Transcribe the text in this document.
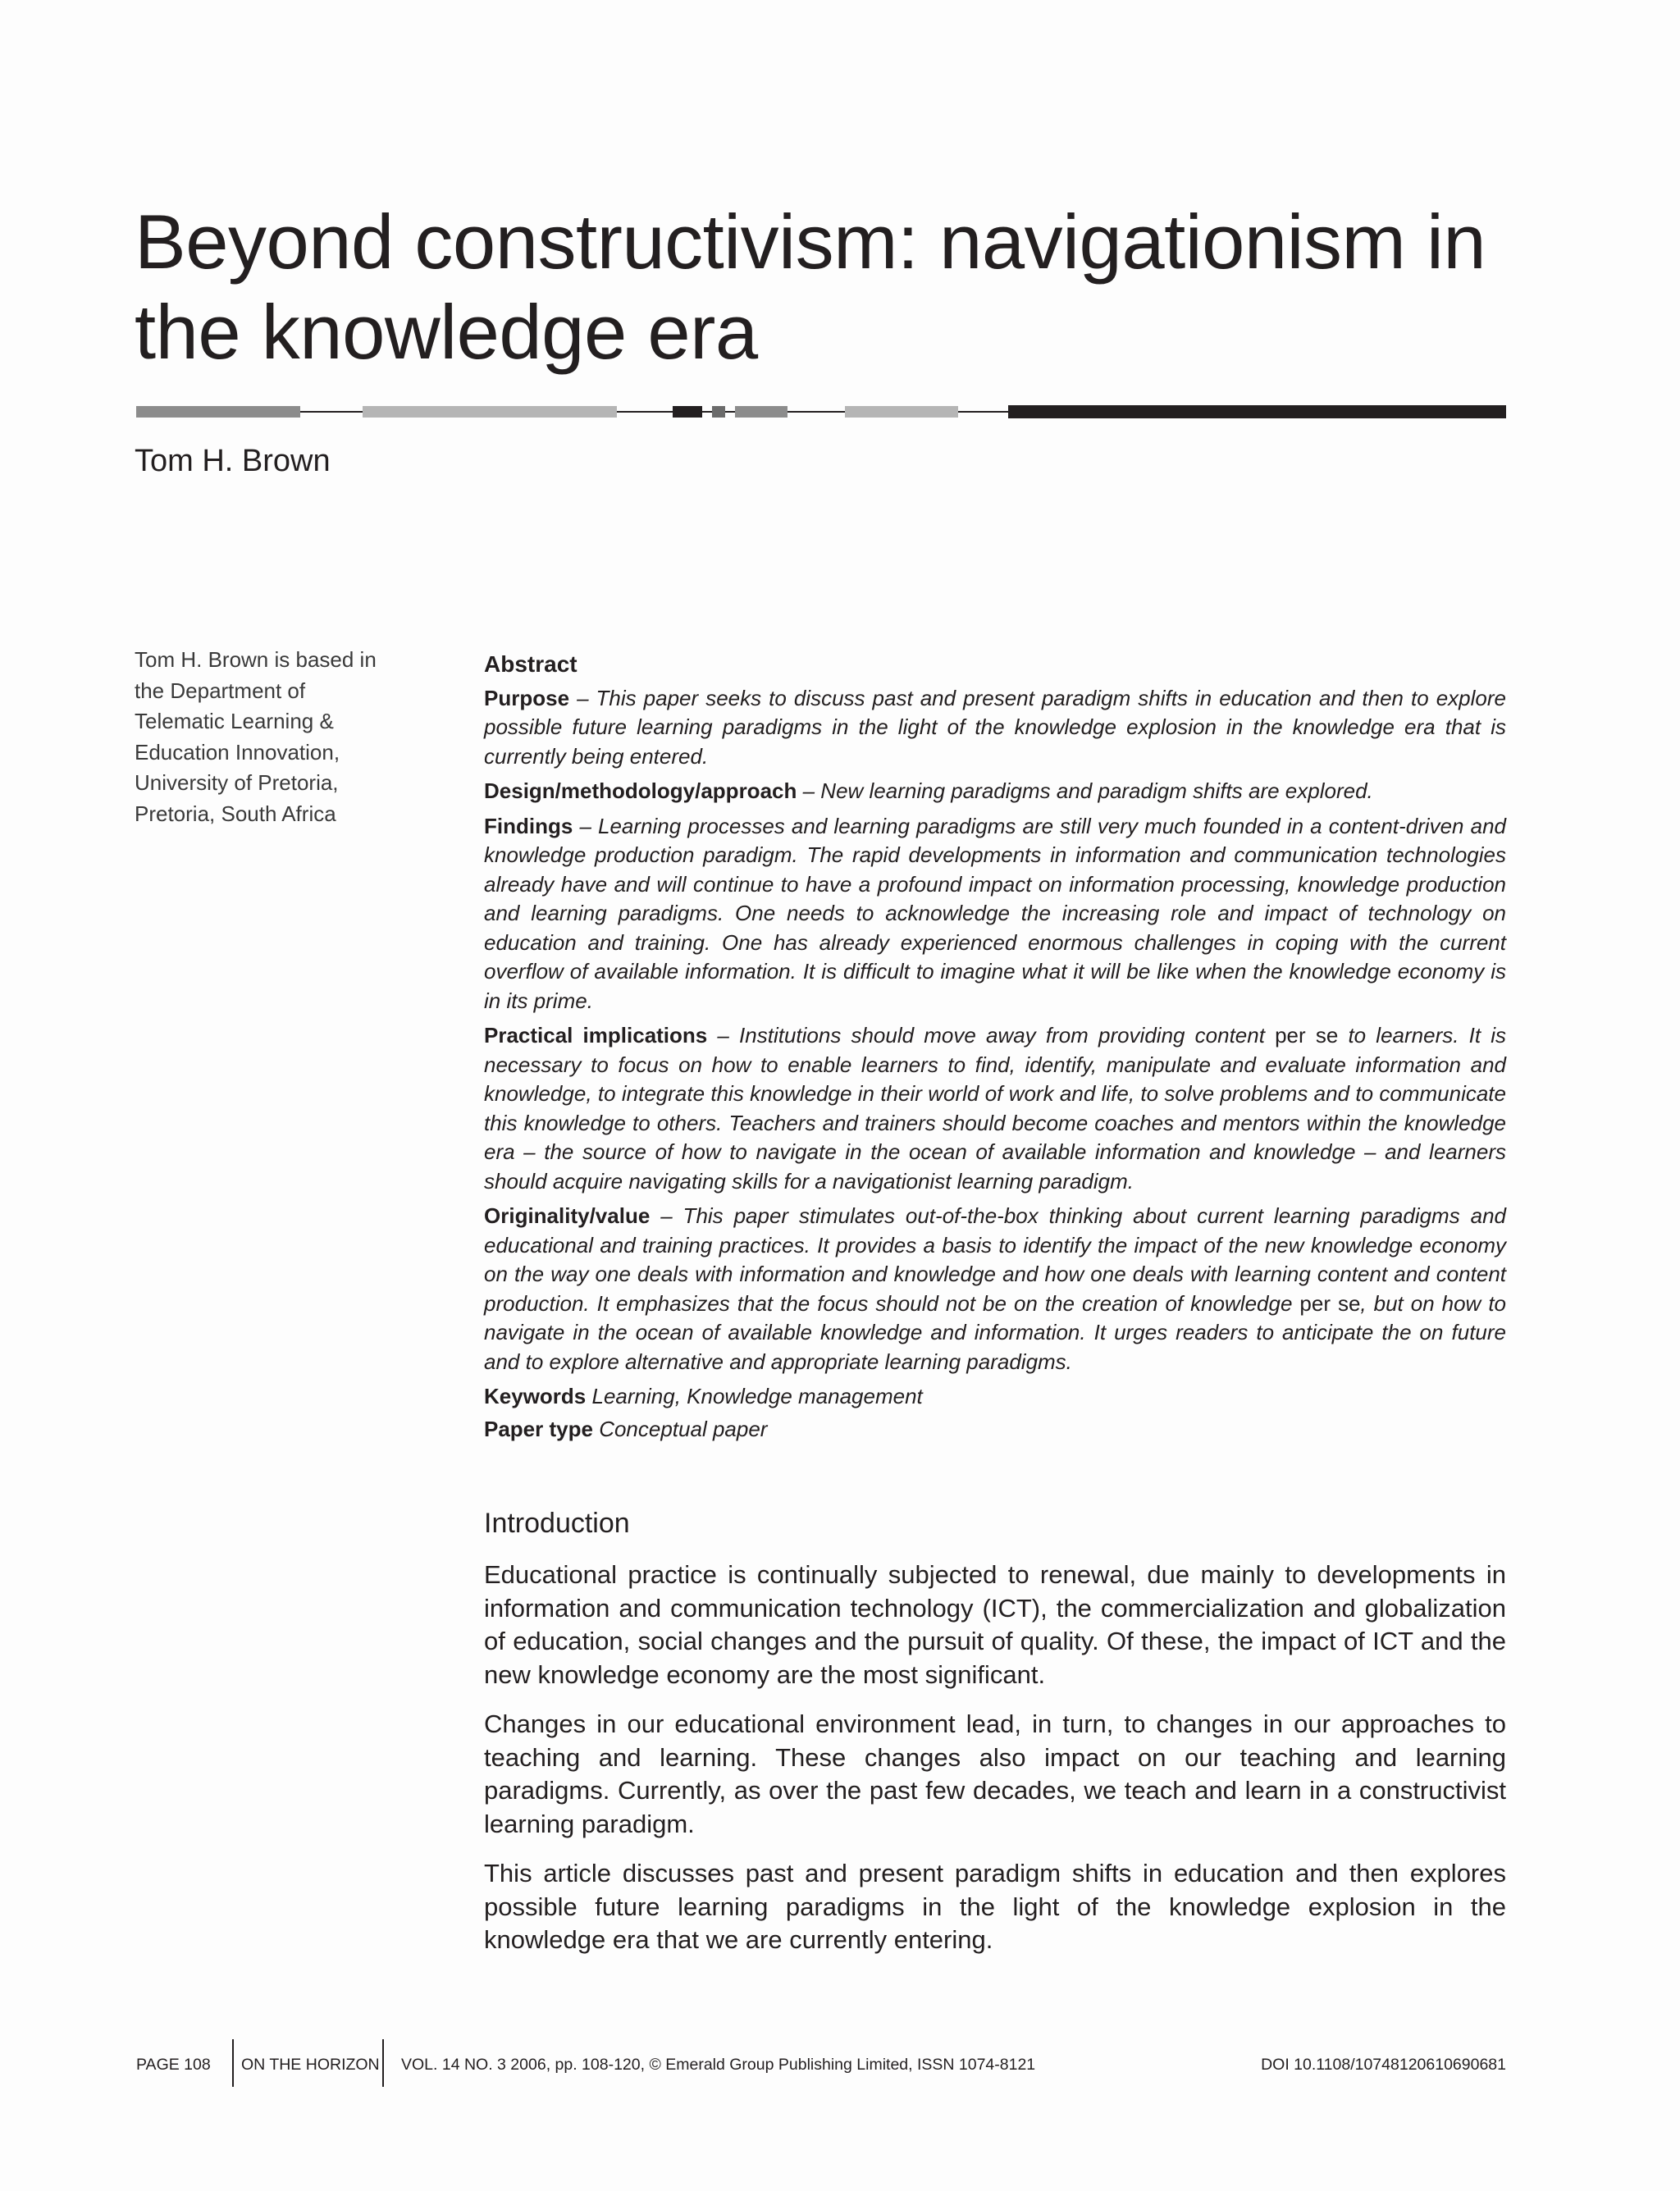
Beyond constructivism: navigationism in the knowledge era
Tom H. Brown
Tom H. Brown is based in
the Department of
Telematic Learning &
Education Innovation,
University of Pretoria,
Pretoria, South Africa
Abstract

Purpose – This paper seeks to discuss past and present paradigm shifts in education and then to explore possible future learning paradigms in the light of the knowledge explosion in the knowledge era that is currently being entered.

Design/methodology/approach – New learning paradigms and paradigm shifts are explored.

Findings – Learning processes and learning paradigms are still very much founded in a content-driven and knowledge production paradigm. The rapid developments in information and communication technologies already have and will continue to have a profound impact on information processing, knowledge production and learning paradigms. One needs to acknowledge the increasing role and impact of technology on education and training. One has already experienced enormous challenges in coping with the current overflow of available information. It is difficult to imagine what it will be like when the knowledge economy is in its prime.

Practical implications – Institutions should move away from providing content per se to learners. It is necessary to focus on how to enable learners to find, identify, manipulate and evaluate information and knowledge, to integrate this knowledge in their world of work and life, to solve problems and to communicate this knowledge to others. Teachers and trainers should become coaches and mentors within the knowledge era – the source of how to navigate in the ocean of available information and knowledge – and learners should acquire navigating skills for a navigationist learning paradigm.

Originality/value – This paper stimulates out-of-the-box thinking about current learning paradigms and educational and training practices. It provides a basis to identify the impact of the new knowledge economy on the way one deals with information and knowledge and how one deals with learning content and content production. It emphasizes that the focus should not be on the creation of knowledge per se, but on how to navigate in the ocean of available knowledge and information. It urges readers to anticipate the on future and to explore alternative and appropriate learning paradigms.

Keywords Learning, Knowledge management

Paper type Conceptual paper

Introduction

Educational practice is continually subjected to renewal, due mainly to developments in information and communication technology (ICT), the commercialization and globalization of education, social changes and the pursuit of quality. Of these, the impact of ICT and the new knowledge economy are the most significant.

Changes in our educational environment lead, in turn, to changes in our approaches to teaching and learning. These changes also impact on our teaching and learning paradigms. Currently, as over the past few decades, we teach and learn in a constructivist learning paradigm.

This article discusses past and present paradigm shifts in education and then explores possible future learning paradigms in the light of the knowledge explosion in the knowledge era that we are currently entering.

PAGE 108 ON THE HORIZON VOL. 14 NO. 3 2006, pp. 108-120, © Emerald Group Publishing Limited, ISSN 1074-8121	DOI 10.1108/10748120610690681
